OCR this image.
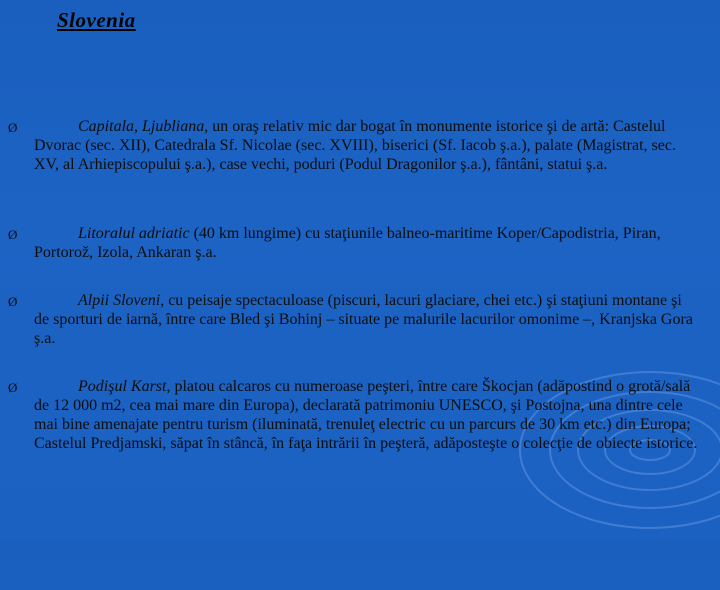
Slovenia
Ø	Capitala, Ljubliana, un oraş relativ mic dar bogat în monumente istorice şi de artă: Castelul Dvorac (sec. XII), Catedrala Sf. Nicolae (sec. XVIII), biserici (Sf. Iacob ş.a.), palate (Magistrat, sec. XV, al Arhiepiscopului ş.a.), case vechi, poduri (Podul Dragonilor ş.a.), fântâni, statui ş.a.
Ø	Litoralul adriatic (40 km lungime) cu staţiunile balneo-maritime Koper/Capodistria, Piran, Portorož, Izola, Ankaran ş.a.
Ø	Alpii Sloveni, cu peisaje spectaculoase (piscuri, lacuri glaciare, chei etc.) şi staţiuni montane şi de sporturi de iarnă, între care Bled şi Bohinj – situate pe malurile lacurilor omonime –, Kranjska Gora ş.a.
Ø	Podişul Karst, platou calcaros cu numeroase peşteri, între care Škocjan (adăpostind o grotă/sală de 12 000 m2, cea mai mare din Europa), declarată patrimoniu UNESCO, şi Postojna, una dintre cele mai bine amenajate pentru turism (iluminată, trenuleţ electric cu un parcurs de 30 km etc.) din Europa; Castelul Predjamski, săpat în stâncă, în faţa intrării în peşteră, adăposteşte o colecţie de obiecte istorice.
